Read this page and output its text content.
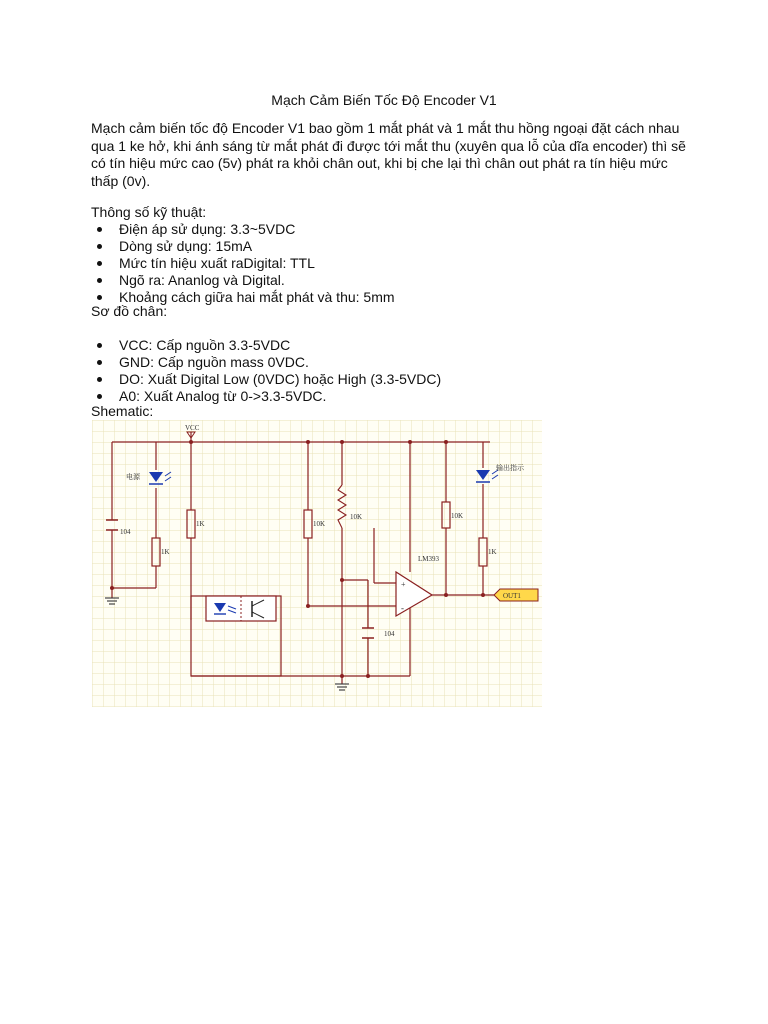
Mạch Cảm Biến Tốc Độ Encoder V1
Mạch cảm biến tốc độ Encoder V1 bao gồm 1 mắt phát và 1 mắt thu hồng ngoại đặt cách nhau qua 1 ke hở, khi ánh sáng từ mắt phát đi được tới mắt thu (xuyên qua lỗ của dĩa encoder) thì sẽ có tín hiệu mức cao (5v) phát ra khỏi chân out, khi bị che lại thì chân out phát ra tín hiệu mức thấp (0v).
Thông số kỹ thuật:
Điện áp sử dụng: 3.3~5VDC
Dòng sử dụng: 15mA
Mức tín hiệu xuất raDigital: TTL
Ngõ ra: Ananlog và Digital.
Khoảng cách giữa hai mắt phát và thu: 5mm
Sơ đồ chân:
VCC: Cấp nguồn 3.3-5VDC
GND: Cấp nguồn mass 0VDC.
DO: Xuất Digital Low (0VDC) hoặc High (3.3-5VDC)
A0: Xuất Analog từ 0->3.3-5VDC.
Shematic:
VCC
104
电源
1K
1K	10K
10K
104
+
-
LM393
10K
输出指示
1K
OUT1
